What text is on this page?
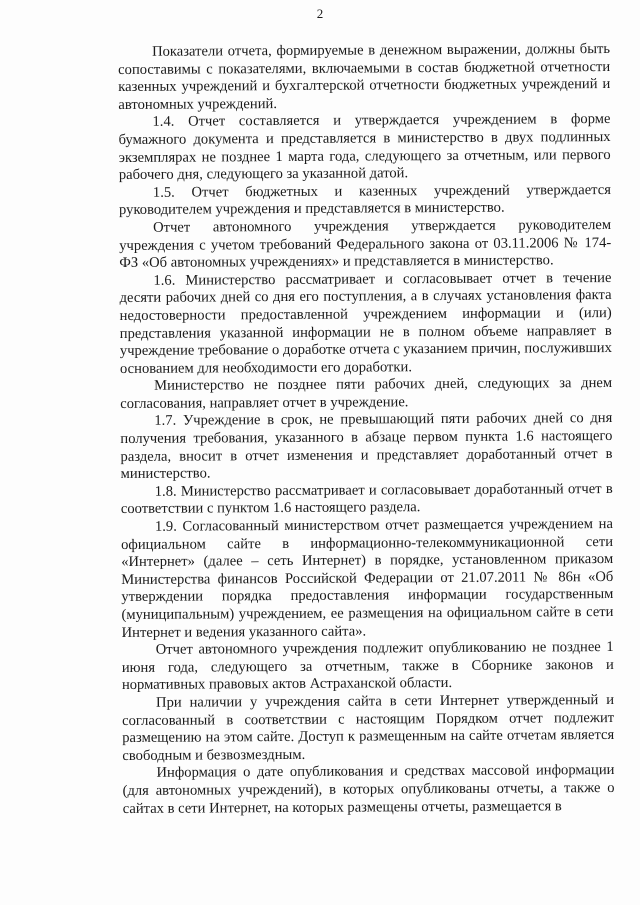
2

Показатели отчета, формируемые в денежном выражении, должны быть сопоставимы с показателями, включаемыми в состав бюджетной отчетности казенных учреждений и бухгалтерской отчетности бюджетных учреждений и автономных учреждений.

1.4. Отчет составляется и утверждается учреждением в форме бумажного документа и представляется в министерство в двух подлинных экземплярах не позднее 1 марта года, следующего за отчетным, или первого рабочего дня, следующего за указанной датой.

1.5. Отчет бюджетных и казенных учреждений утверждается руководителем учреждения и представляется в министерство.

Отчет автономного учреждения утверждается руководителем учреждения с учетом требований Федерального закона от 03.11.2006 № 174-ФЗ «Об автономных учреждениях» и представляется в министерство.

1.6. Министерство рассматривает и согласовывает отчет в течение десяти рабочих дней со дня его поступления, а в случаях установления факта недостоверности предоставленной учреждением информации и (или) представления указанной информации не в полном объеме направляет в учреждение требование о доработке отчета с указанием причин, послуживших основанием для необходимости его доработки.

Министерство не позднее пяти рабочих дней, следующих за днем согласования, направляет отчет в учреждение.

1.7. Учреждение в срок, не превышающий пяти рабочих дней со дня получения требования, указанного в абзаце первом пункта 1.6 настоящего раздела, вносит в отчет изменения и представляет доработанный отчет в министерство.

1.8. Министерство рассматривает и согласовывает доработанный отчет в соответствии с пунктом 1.6 настоящего раздела.

1.9. Согласованный министерством отчет размещается учреждением на официальном сайте в информационно-телекоммуникационной сети «Интернет» (далее – сеть Интернет) в порядке, установленном приказом Министерства финансов Российской Федерации от 21.07.2011 № 86н «Об утверждении порядка предоставления информации государственным (муниципальным) учреждением, ее размещения на официальном сайте в сети Интернет и ведения указанного сайта».

Отчет автономного учреждения подлежит опубликованию не позднее 1 июня года, следующего за отчетным, также в Сборнике законов и нормативных правовых актов Астраханской области.

При наличии у учреждения сайта в сети Интернет утвержденный и согласованный в соответствии с настоящим Порядком отчет подлежит размещению на этом сайте. Доступ к размещенным на сайте отчетам является свободным и безвозмездным.

Информация о дате опубликования и средствах массовой информации (для автономных учреждений), в которых опубликованы отчеты, а также о сайтах в сети Интернет, на которых размещены отчеты, размещается в
